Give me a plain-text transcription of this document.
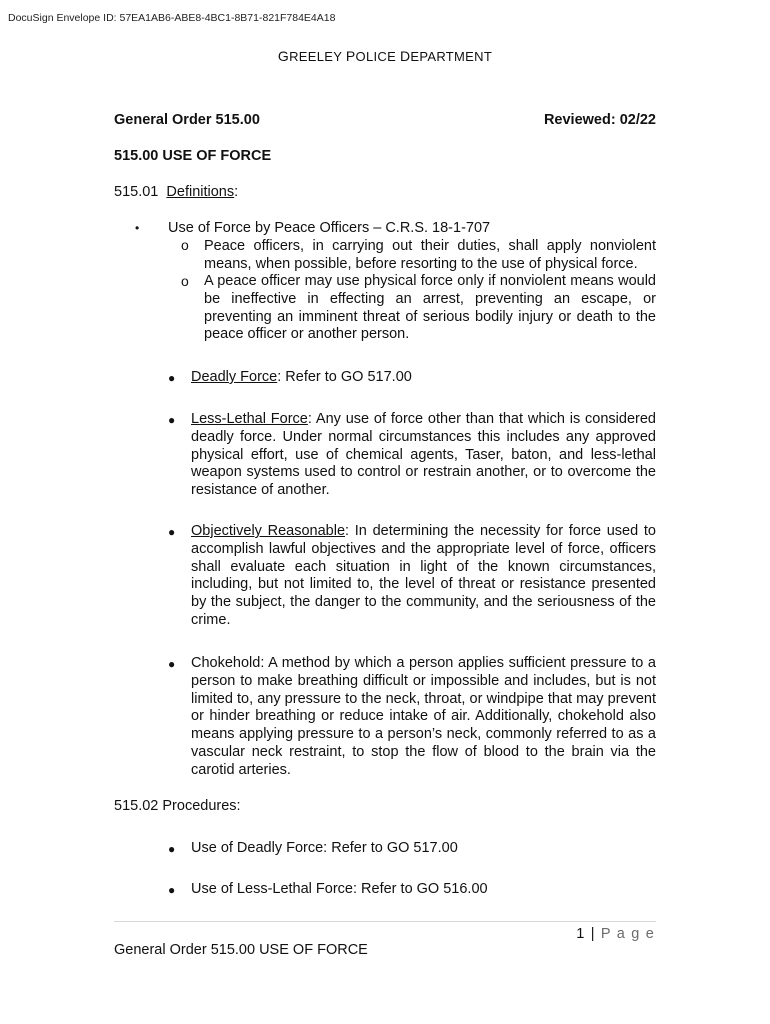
DocuSign Envelope ID: 57EA1AB6-ABE8-4BC1-8B71-821F784E4A18
GREELEY POLICE DEPARTMENT
General Order 515.00	Reviewed: 02/22
515.00 USE OF FORCE
515.01 Definitions:
• Use of Force by Peace Officers – C.R.S. 18-1-707
o Peace officers, in carrying out their duties, shall apply nonviolent means, when possible, before resorting to the use of physical force.
o A peace officer may use physical force only if nonviolent means would be ineffective in effecting an arrest, preventing an escape, or preventing an imminent threat of serious bodily injury or death to the peace officer or another person.
● Deadly Force: Refer to GO 517.00
● Less-Lethal Force: Any use of force other than that which is considered deadly force. Under normal circumstances this includes any approved physical effort, use of chemical agents, Taser, baton, and less-lethal weapon systems used to control or restrain another, or to overcome the resistance of another.
● Objectively Reasonable: In determining the necessity for force used to accomplish lawful objectives and the appropriate level of force, officers shall evaluate each situation in light of the known circumstances, including, but not limited to, the level of threat or resistance presented by the subject, the danger to the community, and the seriousness of the crime.
● Chokehold: A method by which a person applies sufficient pressure to a person to make breathing difficult or impossible and includes, but is not limited to, any pressure to the neck, throat, or windpipe that may prevent or hinder breathing or reduce intake of air. Additionally, chokehold also means applying pressure to a person’s neck, commonly referred to as a vascular neck restraint, to stop the flow of blood to the brain via the carotid arteries.
515.02 Procedures:
● Use of Deadly Force: Refer to GO 517.00
● Use of Less-Lethal Force: Refer to GO 516.00
1 | P a g e
General Order 515.00 USE OF FORCE
